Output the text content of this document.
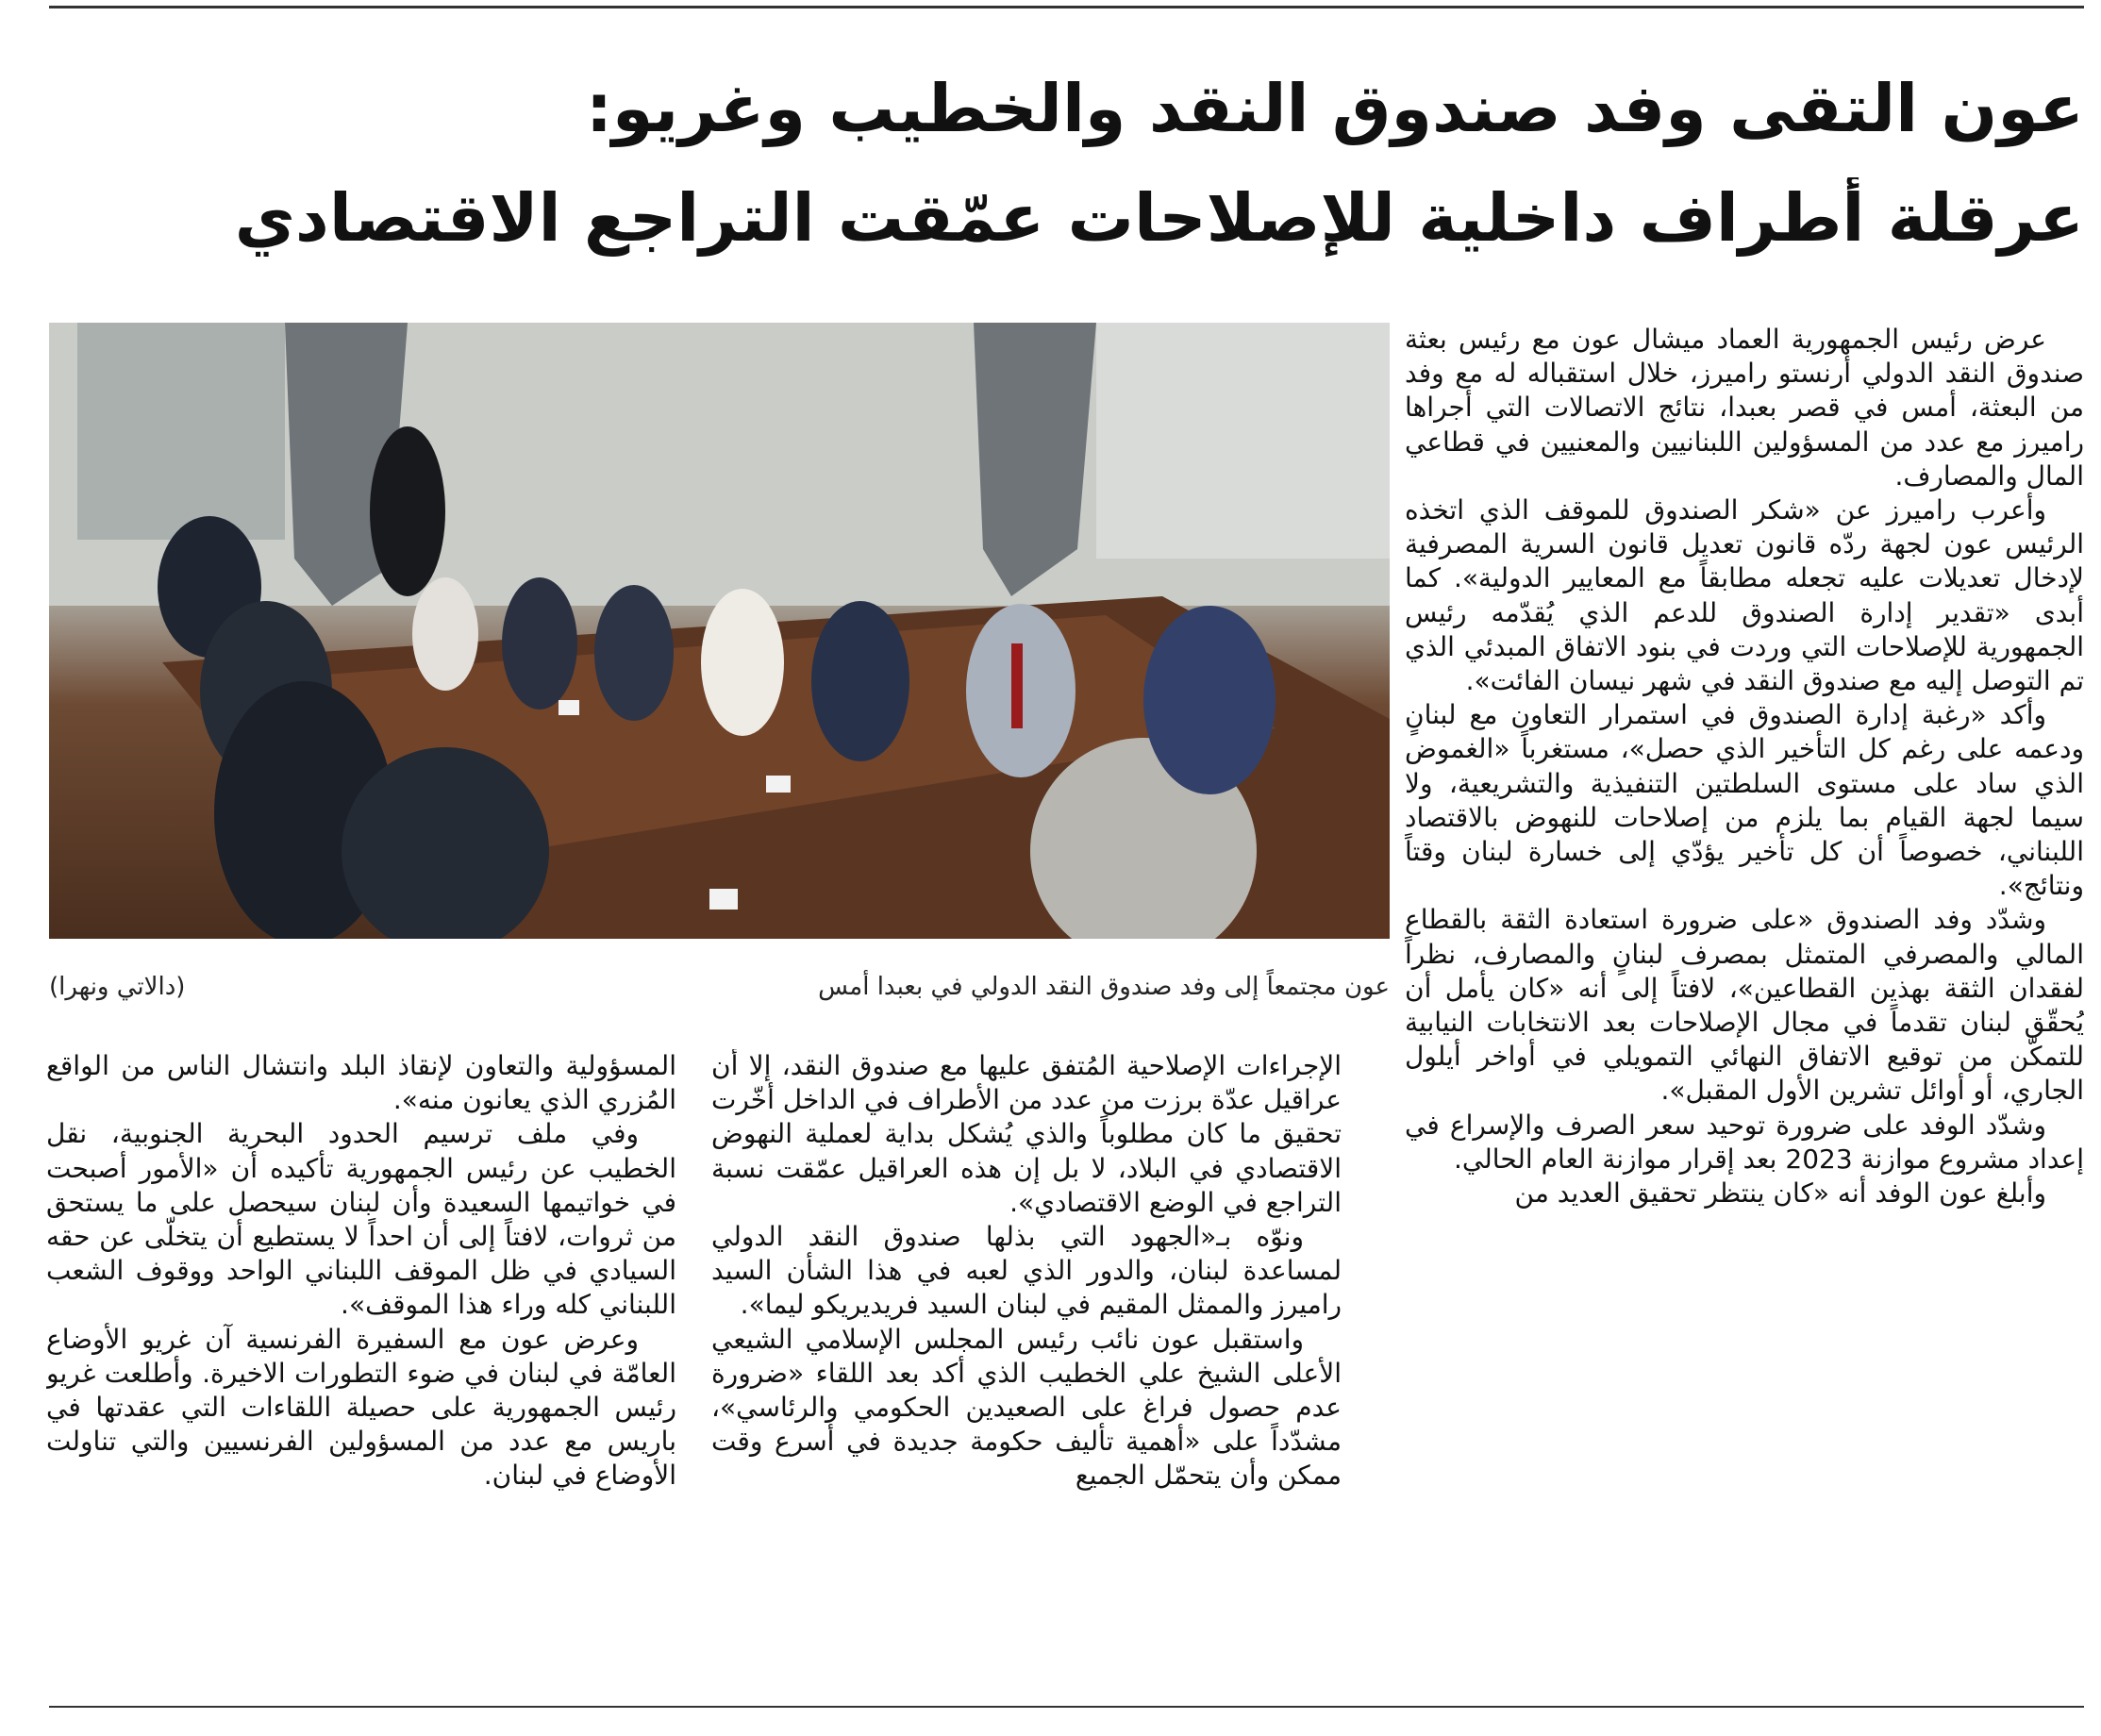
عون التقى وفد صندوق النقد والخطيب وغريو:
عرقلة أطراف داخلية للإصلاحات عمّقت التراجع الاقتصادي

عرض رئيس الجمهورية العماد ميشال عون مع رئيس بعثة صندوق النقد الدولي أرنستو راميرز، خلال استقباله له مع وفد من البعثة، أمس في قصر بعبدا، نتائج الاتصالات التي أجراها راميرز مع عدد من المسؤولين اللبنانيين والمعنيين في قطاعي المال والمصارف.

وأعرب راميرز عن «شكر الصندوق للموقف الذي اتخذه الرئيس عون لجهة ردّه قانون تعديل قانون السرية المصرفية لإدخال تعديلات عليه تجعله مطابقاً مع المعايير الدولية». كما أبدى «تقدير إدارة الصندوق للدعم الذي يُقدّمه رئيس الجمهورية للإصلاحات التي وردت في بنود الاتفاق المبدئي الذي تم التوصل إليه مع صندوق النقد في شهر نيسان الفائت».

وأكد «رغبة إدارة الصندوق في استمرار التعاون مع لبنانٍ ودعمه على رغم كل التأخير الذي حصل»، مستغرباً «الغموض الذي ساد على مستوى السلطتين التنفيذية والتشريعية، ولا سيما لجهة القيام بما يلزم من إصلاحات للنهوض بالاقتصاد اللبناني، خصوصاً أن كل تأخير يؤدّي إلى خسارة لبنان وقتاً ونتائج».

وشدّد وفد الصندوق «على ضرورة استعادة الثقة بالقطاع المالي والمصرفي المتمثل بمصرف لبنانٍ والمصارف، نظراً لفقدان الثقة بهذين القطاعين»، لافتاً إلى أنه «كان يأمل أن يُحقّق لبنان تقدماً في مجال الإصلاحات بعد الانتخابات النيابية للتمكّن من توقيع الاتفاق النهائي التمويلي في أواخر أيلول الجاري، أو أوائل تشرين الأول المقبل».

وشدّد الوفد على ضرورة توحيد سعر الصرف والإسراع في إعداد مشروع موازنة 2023 بعد إقرار موازنة العام الحالي.

وأبلغ عون الوفد أنه «كان ينتظر تحقيق العديد من

عون مجتمعاً إلى وفد صندوق النقد الدولي في بعبدا أمس
(دالاتي ونهرا)

الإجراءات الإصلاحية المُتفق عليها مع صندوق النقد، إلا أن عراقيل عدّة برزت من عدد من الأطراف في الداخل أخّرت تحقيق ما كان مطلوباً والذي يُشكل بداية لعملية النهوض الاقتصادي في البلاد، لا بل إن هذه العراقيل عمّقت نسبة التراجع في الوضع الاقتصادي».

ونوّه بـ«الجهود التي بذلها صندوق النقد الدولي لمساعدة لبنان، والدور الذي لعبه في هذا الشأن السيد راميرز والممثل المقيم في لبنان السيد فريديريكو ليما».

واستقبل عون نائب رئيس المجلس الإسلامي الشيعي الأعلى الشيخ علي الخطيب الذي أكد بعد اللقاء «ضرورة عدم حصول فراغ على الصعيدين الحكومي والرئاسي»، مشدّداً على «أهمية تأليف حكومة جديدة في أسرع وقت ممكن وأن يتحمّل الجميع

المسؤولية والتعاون لإنقاذ البلد وانتشال الناس من الواقع المُزري الذي يعانون منه».

وفي ملف ترسيم الحدود البحرية الجنوبية، نقل الخطيب عن رئيس الجمهورية تأكيده أن «الأمور أصبحت في خواتيمها السعيدة وأن لبنان سيحصل على ما يستحق من ثروات، لافتاً إلى أن احداً لا يستطيع أن يتخلّى عن حقه السيادي في ظل الموقف اللبناني الواحد ووقوف الشعب اللبناني كله وراء هذا الموقف».

وعرض عون مع السفيرة الفرنسية آن غريو الأوضاع العامّة في لبنان في ضوء التطورات الاخيرة. وأطلعت غريو رئيس الجمهورية على حصيلة اللقاءات التي عقدتها في باريس مع عدد من المسؤولين الفرنسيين والتي تناولت الأوضاع في لبنان.
